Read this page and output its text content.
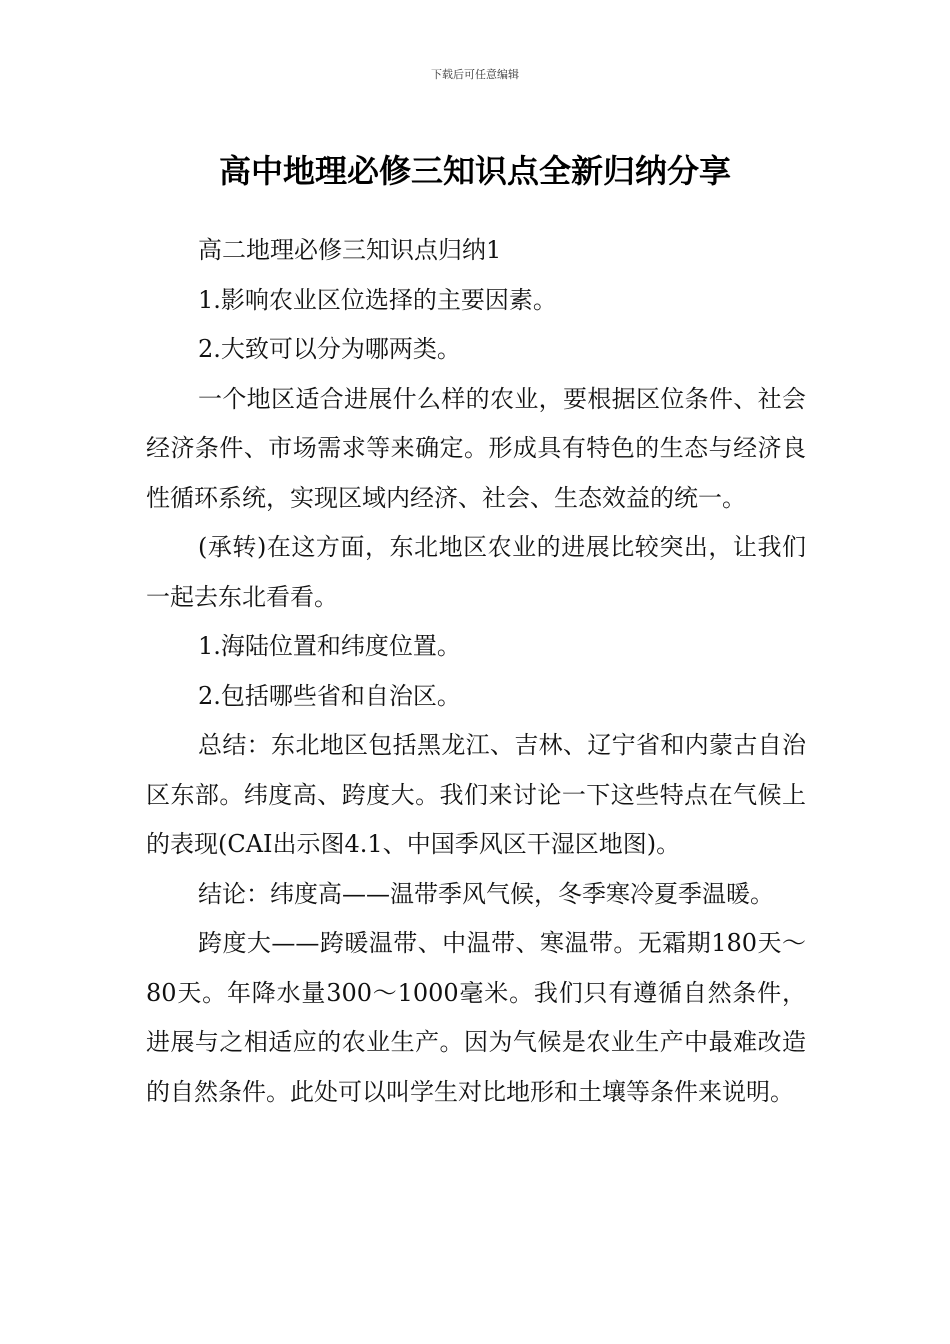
下载后可任意编辑
高中地理必修三知识点全新归纳分享

高二地理必修三知识点归纳1

1.影响农业区位选择的主要因素。

2.大致可以分为哪两类。

一个地区适合进展什么样的农业，要根据区位条件、社会经济条件、市场需求等来确定。形成具有特色的生态与经济良性循环系统，实现区域内经济、社会、生态效益的统一。

(承转)在这方面，东北地区农业的进展比较突出，让我们一起去东北看看。

1.海陆位置和纬度位置。

2.包括哪些省和自治区。

总结：东北地区包括黑龙江、吉林、辽宁省和内蒙古自治区东部。纬度高、跨度大。我们来讨论一下这些特点在气候上的表现(CAI出示图4.1、中国季风区干湿区地图)。

结论：纬度高——温带季风气候，冬季寒冷夏季温暖。

跨度大——跨暖温带、中温带、寒温带。无霜期180天～80天。年降水量300～1000毫米。我们只有遵循自然条件，进展与之相适应的农业生产。因为气候是农业生产中最难改造的自然条件。此处可以叫学生对比地形和土壤等条件来说明。
